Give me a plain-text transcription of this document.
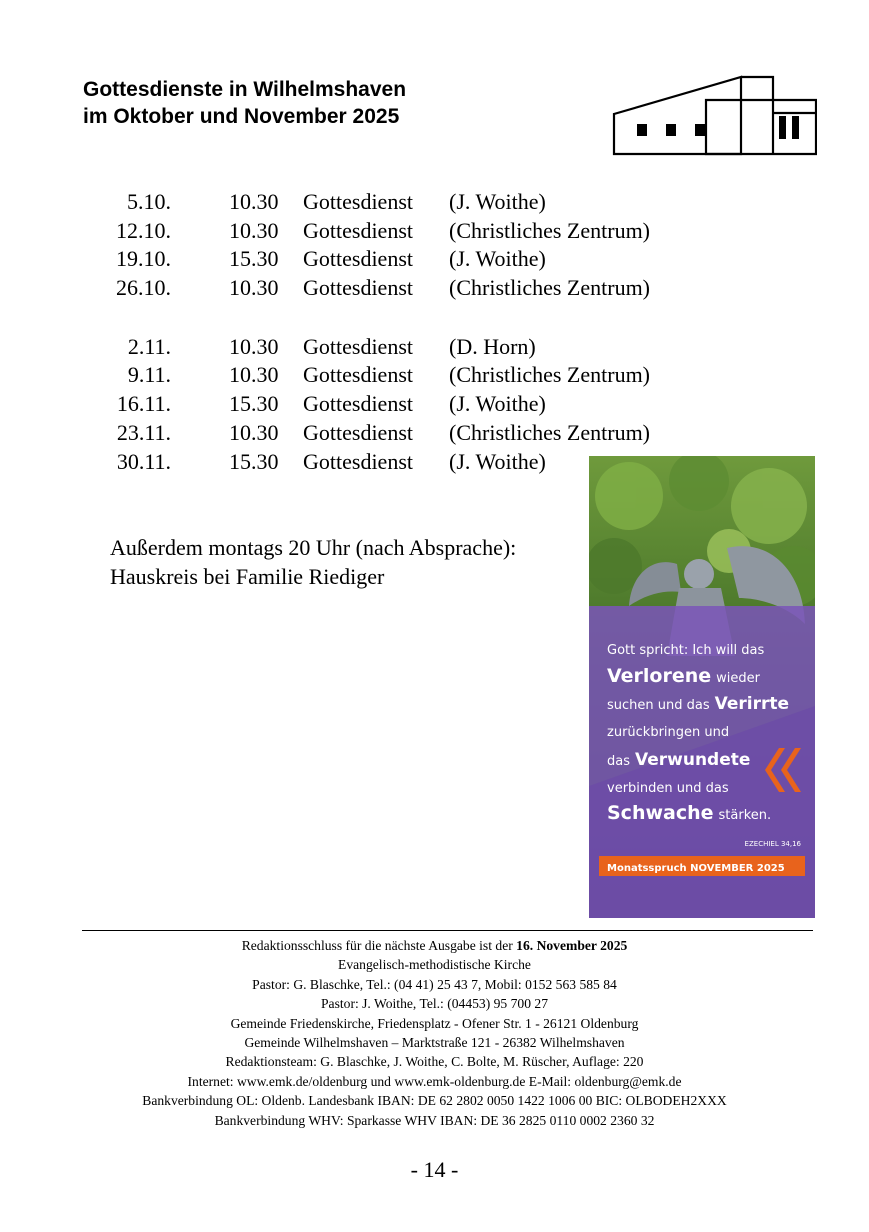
Gottesdienste in Wilhelmshaven
im Oktober und November 2025
5.10.	10.30 Gottesdienst (J. Woithe)
12.10.	10.30 Gottesdienst (Christliches Zentrum)
19.10.	15.30 Gottesdienst (J. Woithe)
26.10.	10.30 Gottesdienst (Christliches Zentrum)
2.11.	10.30 Gottesdienst (D. Horn)
9.11.	10.30 Gottesdienst (Christliches Zentrum)
16.11.	15.30 Gottesdienst (J. Woithe)
23.11.	10.30 Gottesdienst (Christliches Zentrum)
30.11.	15.30 Gottesdienst (J. Woithe)
Außerdem montags 20 Uhr (nach Absprache):
Hauskreis bei Familie Riediger
Gott spricht: Ich will das
Verlorene wieder
suchen und das Verirrte
zurückbringen und
das Verwundete
verbinden und das
Schwache stärken.
EZECHIEL 34,16
Monatsspruch NOVEMBER 2025
Redaktionsschluss für die nächste Ausgabe ist der 16. November 2025
Evangelisch-methodistische Kirche
Pastor: G. Blaschke, Tel.: (04 41) 25 43 7, Mobil: 0152 563 585 84
Pastor: J. Woithe, Tel.: (04453) 95 700 27
Gemeinde Friedenskirche, Friedensplatz - Ofener Str. 1 - 26121 Oldenburg
Gemeinde Wilhelmshaven – Marktstraße 121 - 26382 Wilhelmshaven
Redaktionsteam: G. Blaschke, J. Woithe, C. Bolte, M. Rüscher, Auflage: 220
Internet: www.emk.de/oldenburg und www.emk-oldenburg.de E-Mail: oldenburg@emk.de
Bankverbindung OL: Oldenb. Landesbank IBAN: DE 62 2802 0050 1422 1006 00 BIC: OLBODEH2XXX
Bankverbindung WHV: Sparkasse WHV IBAN: DE 36 2825 0110 0002 2360 32
- 14 -
